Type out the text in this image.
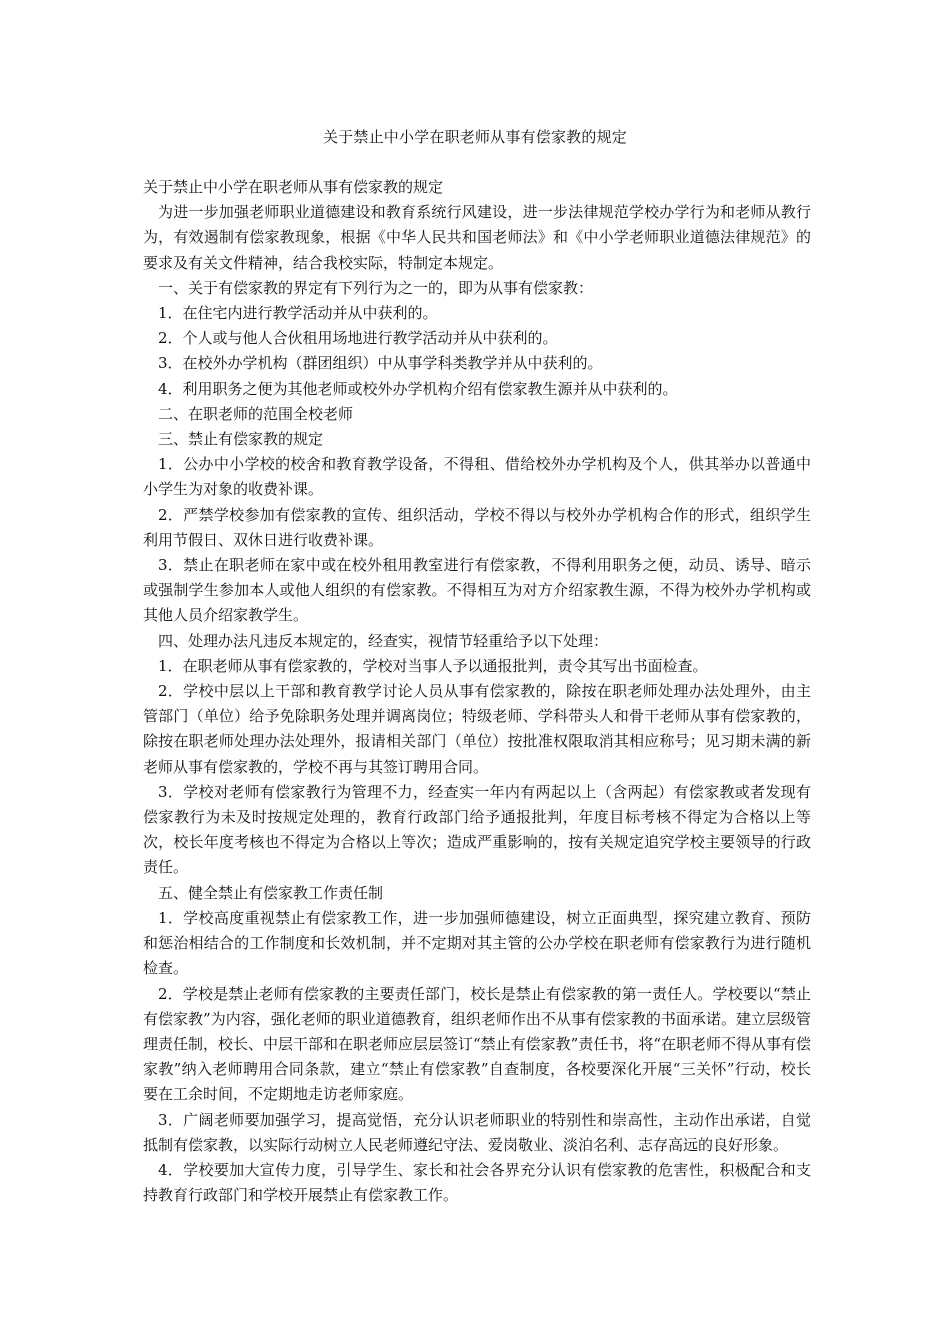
关于禁止中小学在职老师从事有偿家教的规定

关于禁止中小学在职老师从事有偿家教的规定

为进一步加强老师职业道德建设和教育系统行风建设，进一步法律规范学校办学行为和老师从教行为，有效遏制有偿家教现象，根据《中华人民共和国老师法》和《中小学老师职业道德法律规范》的要求及有关文件精神，结合我校实际，特制定本规定。

一、关于有偿家教的界定有下列行为之一的，即为从事有偿家教：

1．在住宅内进行教学活动并从中获利的。

2．个人或与他人合伙租用场地进行教学活动并从中获利的。

3．在校外办学机构（群团组织）中从事学科类教学并从中获利的。

4．利用职务之便为其他老师或校外办学机构介绍有偿家教生源并从中获利的。

二、在职老师的范围全校老师

三、禁止有偿家教的规定

1．公办中小学校的校舍和教育教学设备，不得租、借给校外办学机构及个人，供其举办以普通中小学生为对象的收费补课。

2．严禁学校参加有偿家教的宣传、组织活动，学校不得以与校外办学机构合作的形式，组织学生利用节假日、双休日进行收费补课。

3．禁止在职老师在家中或在校外租用教室进行有偿家教，不得利用职务之便，动员、诱导、暗示或强制学生参加本人或他人组织的有偿家教。不得相互为对方介绍家教生源，不得为校外办学机构或其他人员介绍家教学生。

四、处理办法凡违反本规定的，经查实，视情节轻重给予以下处理：

1．在职老师从事有偿家教的，学校对当事人予以通报批判，责令其写出书面检查。

2．学校中层以上干部和教育教学讨论人员从事有偿家教的，除按在职老师处理办法处理外，由主管部门（单位）给予免除职务处理并调离岗位；特级老师、学科带头人和骨干老师从事有偿家教的，除按在职老师处理办法处理外，报请相关部门（单位）按批准权限取消其相应称号；见习期未满的新老师从事有偿家教的，学校不再与其签订聘用合同。

3．学校对老师有偿家教行为管理不力，经查实一年内有两起以上（含两起）有偿家教或者发现有偿家教行为未及时按规定处理的，教育行政部门给予通报批判，年度目标考核不得定为合格以上等次，校长年度考核也不得定为合格以上等次；造成严重影响的，按有关规定追究学校主要领导的行政责任。

五、健全禁止有偿家教工作责任制

1．学校高度重视禁止有偿家教工作，进一步加强师德建设，树立正面典型，探究建立教育、预防和惩治相结合的工作制度和长效机制，并不定期对其主管的公办学校在职老师有偿家教行为进行随机检查。

2．学校是禁止老师有偿家教的主要责任部门，校长是禁止有偿家教的第一责任人。学校要以“禁止有偿家教”为内容，强化老师的职业道德教育，组织老师作出不从事有偿家教的书面承诺。建立层级管理责任制，校长、中层干部和在职老师应层层签订“禁止有偿家教”责任书，将“在职老师不得从事有偿家教”纳入老师聘用合同条款，建立“禁止有偿家教”自查制度，各校要深化开展“三关怀”行动，校长要在工余时间，不定期地走访老师家庭。

3．广阔老师要加强学习，提高觉悟，充分认识老师职业的特别性和崇高性，主动作出承诺，自觉抵制有偿家教，以实际行动树立人民老师遵纪守法、爱岗敬业、淡泊名利、志存高远的良好形象。

4．学校要加大宣传力度，引导学生、家长和社会各界充分认识有偿家教的危害性，积极配合和支持教育行政部门和学校开展禁止有偿家教工作。
